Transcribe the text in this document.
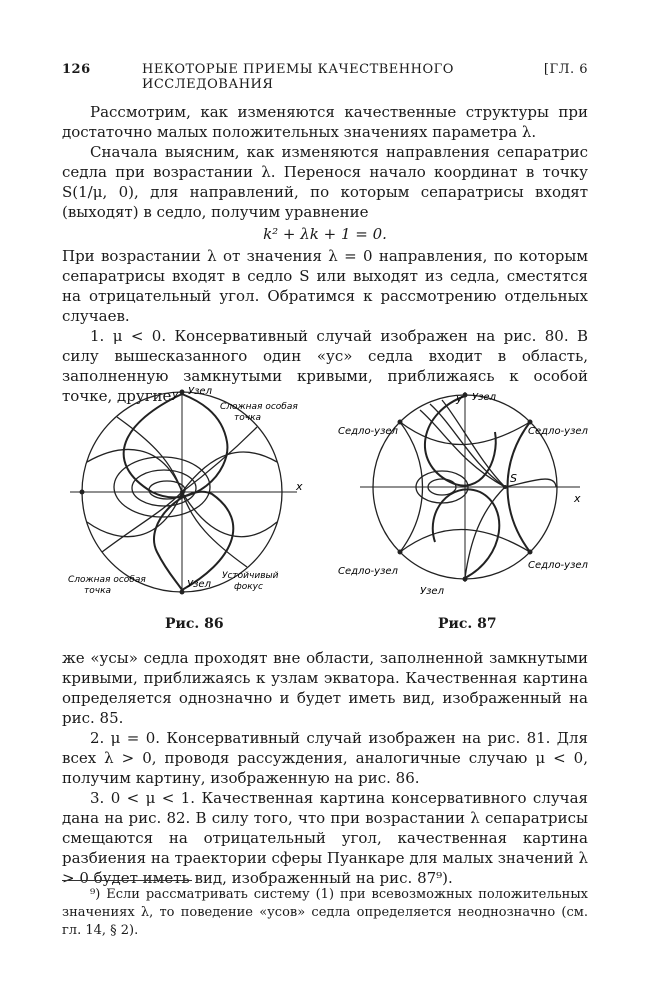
126	НЕКОТОРЫЕ ПРИЕМЫ КАЧЕСТВЕННОГО ИССЛЕДОВАНИЯ
[ГЛ. 6

Рассмотрим, как изменяются качественные структуры при достаточно малых положительных значениях параметра λ.

Сначала выясним, как изменяются направления сепаратрис седла при возрастании λ. Перенося начало координат в точку S(1/μ, 0), для направлений, по которым сепаратрисы входят (выходят) в седло, получим уравнение

k² + λk + 1 = 0.

При возрастании λ от значения λ = 0 направления, по которым сепаратрисы входят в седло S или выходят из седла, сместятся на отрицательный угол. Обратимся к рассмотрению отдельных случаев.

1. μ < 0. Консервативный случай изображен на рис. 80. В силу вышесказанного один «ус» седла входит в область, заполненную замкнутыми кривыми, приближаясь к особой точке, другие y
x
Узел
Сложная особая
точка
Сложная особая
точка
Узел
Устойчивый
фокус
Рис. 86
y
x
S
Узел
Седло-узел	Седло-узел
Седло-узел
Седло-узел
Узел
Рис. 87

же «усы» седла проходят вне области, заполненной замкнутыми кривыми, приближаясь к узлам экватора. Качественная картина определяется однозначно и будет иметь вид, изображенный на рис. 85.

2. μ = 0. Консервативный случай изображен на рис. 81. Для всех λ > 0, проводя рассуждения, аналогичные случаю μ < 0, получим картину, изображенную на рис. 86.

3. 0 < μ < 1. Качественная картина консервативного случая дана на рис. 82. В силу того, что при возрастании λ сепаратрисы смещаются на отрицательный угол, качественная картина разбиения на траектории сферы Пуанкаре для малых значений λ > 0 будет иметь вид, изображенный на рис. 87⁹).

⁹) Если рассматривать систему (1) при всевозможных положительных значениях λ, то поведение «усов» седла определяется неоднозначно (см. гл. 14, § 2).
